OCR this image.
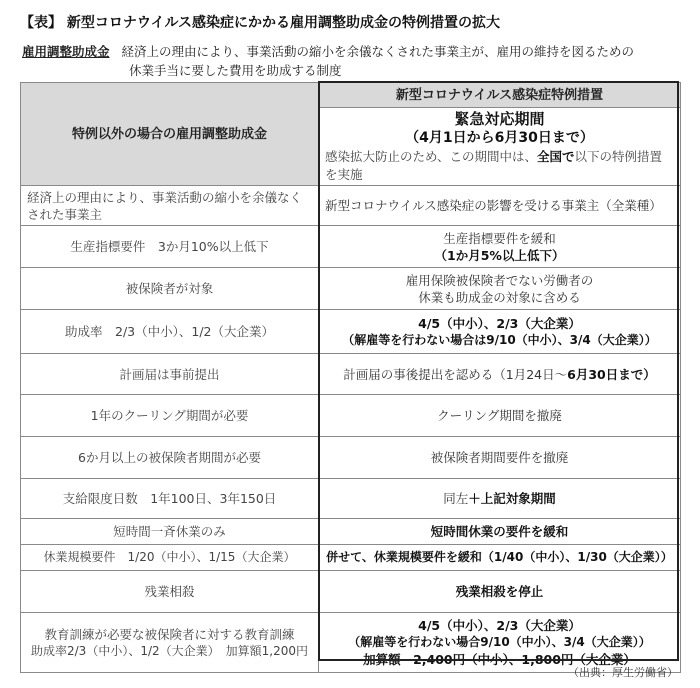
【表】 新型コロナウイルス感染症にかかる雇用調整助成金の特例措置の拡大
雇用調整助成金 経済上の理由により、事業活動の縮小を余儀なくされた事業主が、雇用の維持を図るための
休業手当に要した費用を助成する制度
特例以外の場合の雇用調整助成金	新型コロナウイルス感染症特例措置

	緊急対応期間
（4月1日から6月30日まで）
感染拡大防止のため、この期間中は、全国で以下の特例措置を実施

経済上の理由により、事業活動の縮小を余儀なくされた事業主	新型コロナウイルス感染症の影響を受ける事業主（全業種）
生産指標要件　3か月10%以上低下	生産指標要件を緩和
（1か月5%以上低下）

被保険者が対象	雇用保険被保険者でない労働者の
休業も助成金の対象に含める

助成率　2/3（中小）、1/2（大企業）	4/5（中小）、2/3（大企業）
（解雇等を行わない場合は9/10（中小）、3/4（大企業））

計画届は事前提出	計画届の事後提出を認める（1月24日～6月30日まで）
1年のクーリング期間が必要	クーリング期間を撤廃
6か月以上の被保険者期間が必要	被保険者期間要件を撤廃
支給限度日数　1年100日、3年150日	同左＋上記対象期間
短時間一斉休業のみ	短時間休業の要件を緩和
休業規模要件　1/20（中小）、1/15（大企業）	併せて、休業規模要件を緩和（1/40（中小）、1/30（大企業））
残業相殺	残業相殺を停止

教育訓練が必要な被保険者に対する教育訓練
助成率2/3（中小）、1/2（大企業）　加算額1,200円	4/5（中小）、2/3（大企業）
（解雇等を行わない場合9/10（中小）、3/4（大企業））
加算額　2,400円（中小）、1,800円（大企業）
（出典：厚生労働省）
